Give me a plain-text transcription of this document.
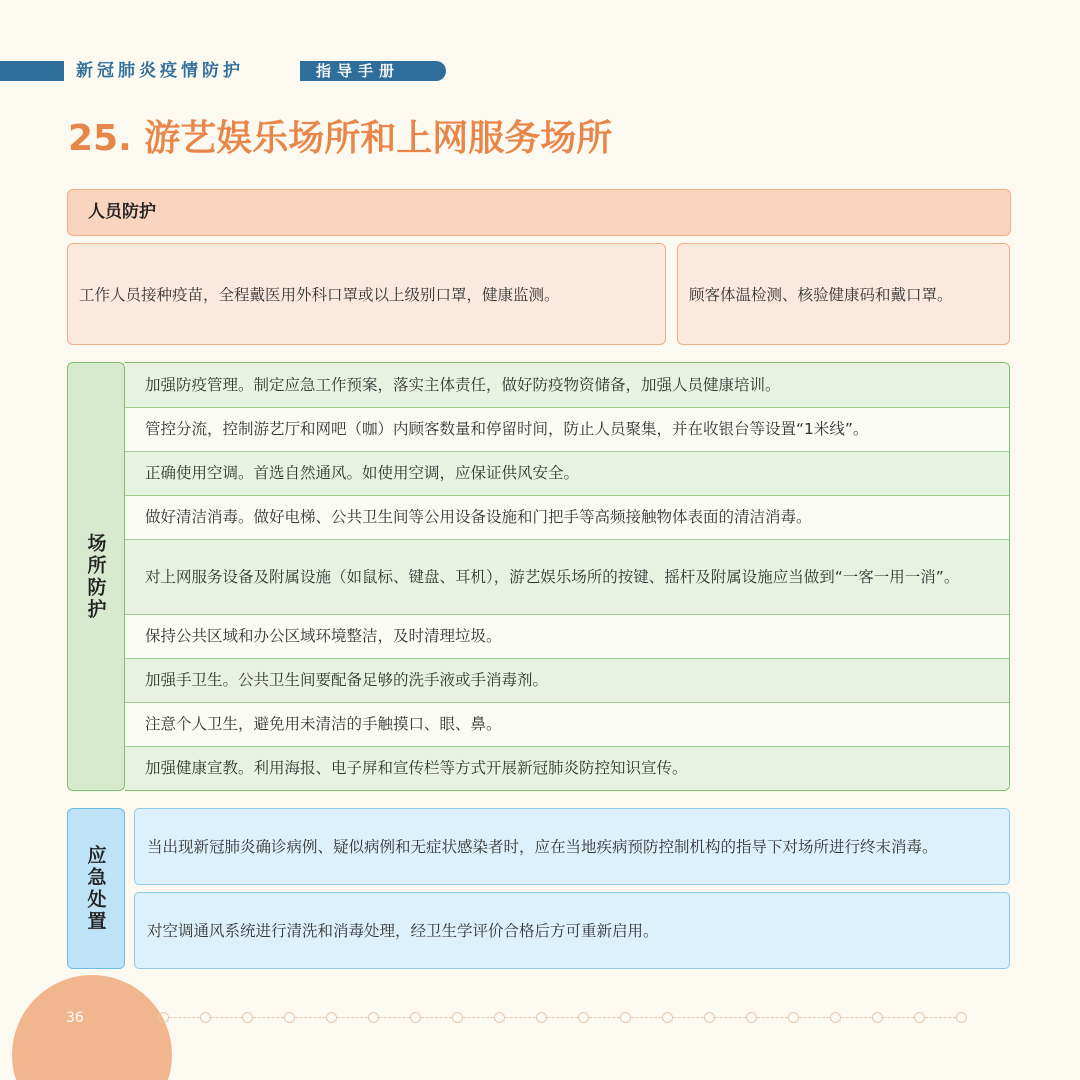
新冠肺炎疫情防护	指导手册
25. 游艺娱乐场所和上网服务场所
人员防护
工作人员接种疫苗，全程戴医用外科口罩或以上级别口罩，健康监测。	顾客体温检测、核验健康码和戴口罩。
场所防护
加强防疫管理。制定应急工作预案，落实主体责任，做好防疫物资储备，加强人员健康培训。
管控分流，控制游艺厅和网吧（咖）内顾客数量和停留时间，防止人员聚集，并在收银台等设置“1米线”。
正确使用空调。首选自然通风。如使用空调，应保证供风安全。
做好清洁消毒。做好电梯、公共卫生间等公用设备设施和门把手等高频接触物体表面的清洁消毒。
对上网服务设备及附属设施（如鼠标、键盘、耳机），游艺娱乐场所的按键、摇杆及附属设施应当做到“一客一用一消”。
保持公共区域和办公区域环境整洁，及时清理垃圾。
加强手卫生。公共卫生间要配备足够的洗手液或手消毒剂。
注意个人卫生，避免用未清洁的手触摸口、眼、鼻。
加强健康宣教。利用海报、电子屏和宣传栏等方式开展新冠肺炎防控知识宣传。
应急处置	当出现新冠肺炎确诊病例、疑似病例和无症状感染者时，应在当地疾病预防控制机构的指导下对场所进行终末消毒。
对空调通风系统进行清洗和消毒处理，经卫生学评价合格后方可重新启用。
36
